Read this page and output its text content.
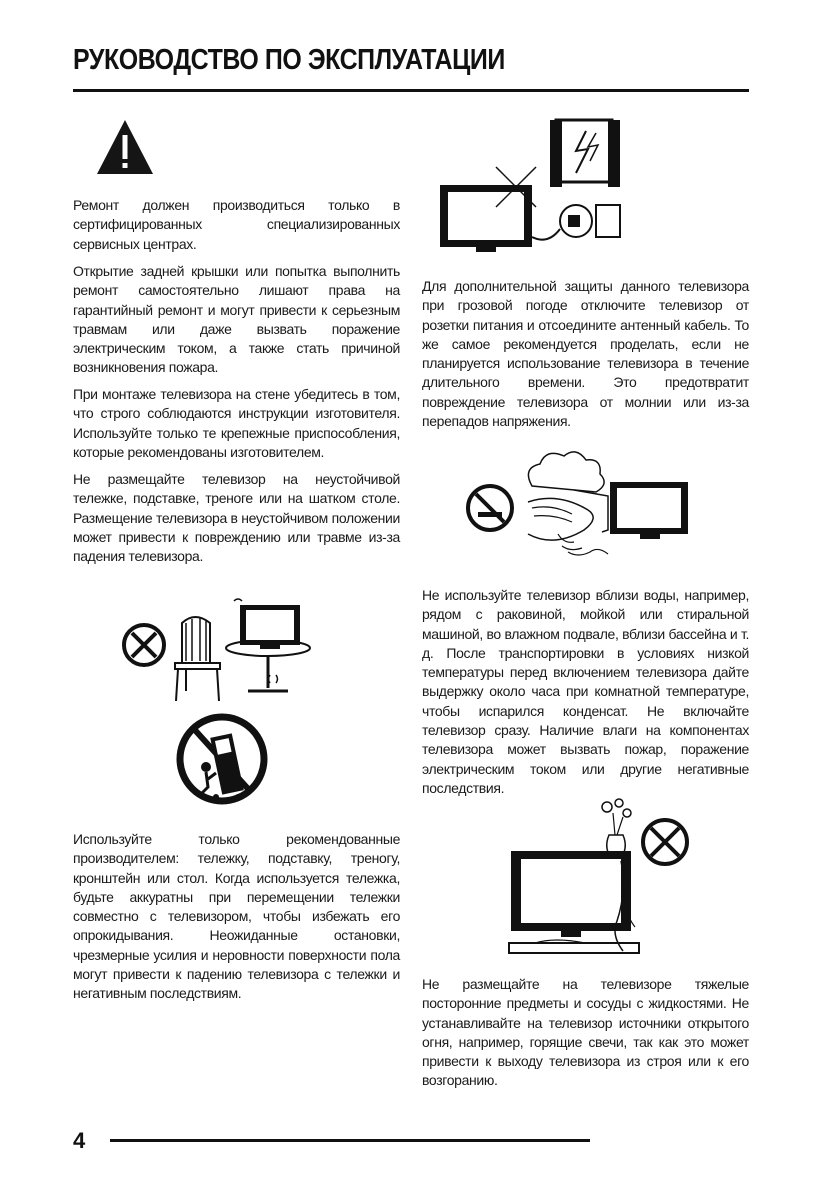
РУКОВОДСТВО ПО ЭКСПЛУАТАЦИИ

Ремонт должен производиться только в сертифицированных специализированных сервисных центрах.

Открытие задней крышки или попытка выполнить ремонт самостоятельно лишают права на гарантийный ремонт и могут привести к серьезным травмам или даже вызвать поражение электрическим током, а также стать причиной возникновения пожара.

При монтаже телевизора на стене убедитесь в том, что строго соблюдаются инструкции изготовителя. Используйте только те крепежные приспособления, которые рекомендованы изготовителем.

Не размещайте телевизор на неустойчивой тележке, подставке, треноге или на шатком столе. Размещение телевизора в неустойчивом положении может привести к повреждению или травме из-за падения телевизора.

Используйте только рекомендованные производителем: тележку, подставку, треногу, кронштейн или стол. Когда используется тележка, будьте аккуратны при перемещении тележки совместно с телевизором, чтобы избежать его опрокидывания. Неожиданные остановки, чрезмерные усилия и неровности поверхности пола могут привести к падению телевизора с тележки и негативным последствиям.

Для дополнительной защиты данного телевизора при грозовой погоде отключите телевизор от розетки питания и отсоедините антенный кабель. То же самое рекомендуется проделать, если не планируется использование телевизора в течение длительного времени. Это предотвратит повреждение телевизора от молнии или из-за перепадов напряжения.

Не используйте телевизор вблизи воды, например, рядом с раковиной, мойкой или стиральной машиной, во влажном подвале, вблизи бассейна и т. д. После транспортировки в условиях низкой температуры перед включением телевизора дайте выдержку около часа при комнатной температуре, чтобы испарился конденсат. Не включайте телевизор сразу. Наличие влаги на компонентах телевизора может вызвать пожар, поражение электрическим током или другие негативные последствия.

Не размещайте на телевизоре тяжелые посторонние предметы и сосуды с жидкостями. Не устанавливайте на телевизор источники открытого огня, например, горящие свечи, так как это может привести к выходу телевизора из строя или к его возгоранию.

4
